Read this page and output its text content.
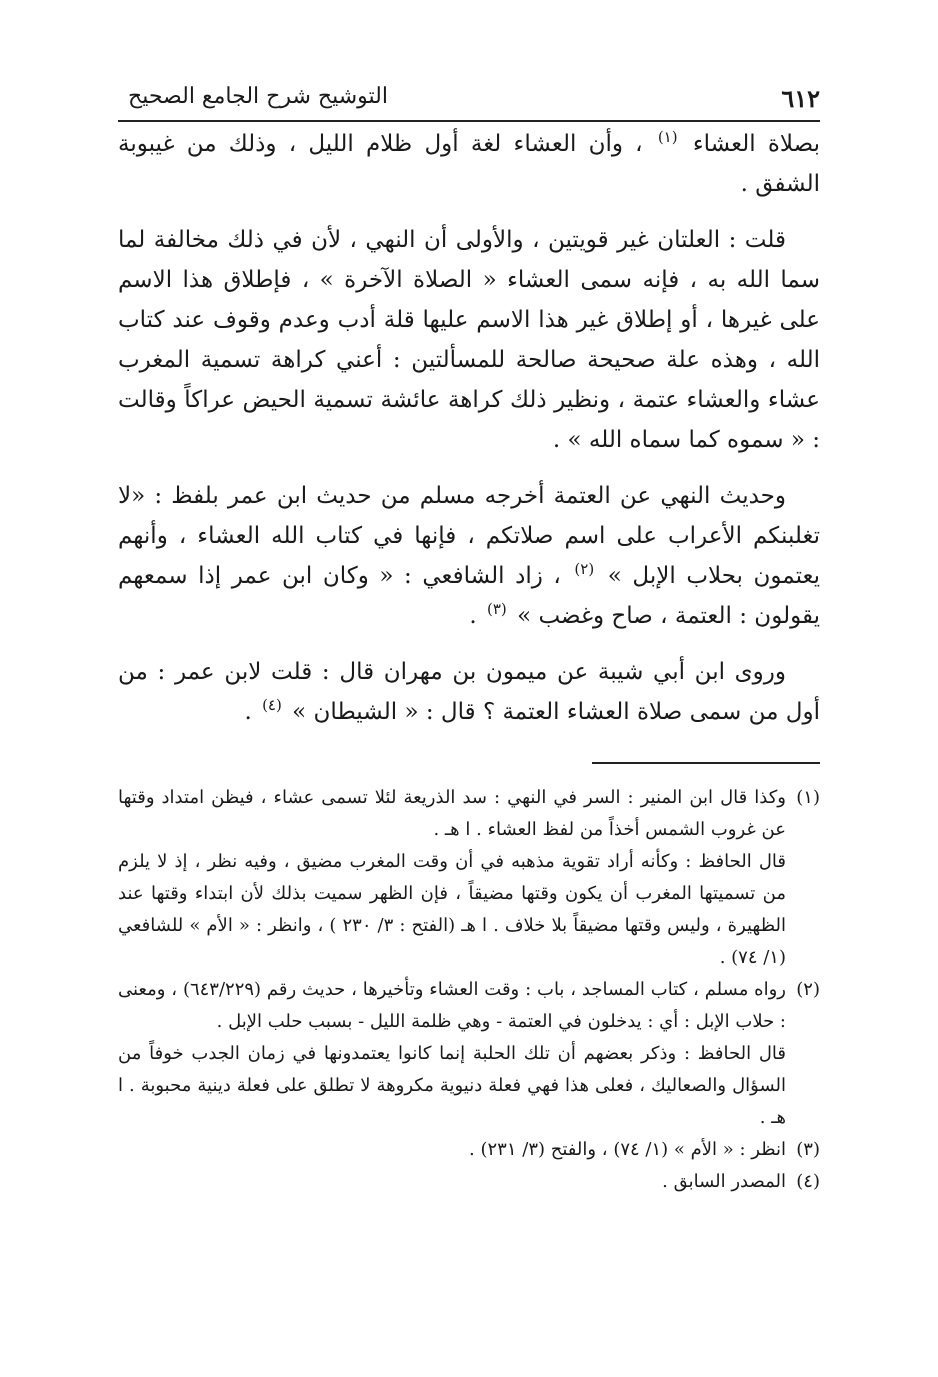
٦١٢
التوشيح شرح الجامع الصحيح

بصلاة العشاء $^{(١)}$ ، وأن العشاء لغة أول ظلام الليل ، وذلك من غيبوبة الشفق .

قلت : العلتان غير قويتين ، والأولى أن النهي ، لأن في ذلك مخالفة لما سما الله به ، فإنه سمى العشاء « الصلاة الآخرة » ، فإطلاق هذا الاسم على غيرها ، أو إطلاق غير هذا الاسم عليها قلة أدب وعدم وقوف عند كتاب الله ، وهذه علة صحيحة صالحة للمسألتين : أعني كراهة تسمية المغرب عشاء والعشاء عتمة ، ونظير ذلك كراهة عائشة تسمية الحيض عراكاً وقالت : « سموه كما سماه الله » .

وحديث النهي عن العتمة أخرجه مسلم من حديث ابن عمر بلفظ : «لا تغلبنكم الأعراب على اسم صلاتكم ، فإنها في كتاب الله العشاء ، وأنهم يعتمون بحلاب الإبل » $^{(٢)}$ ، زاد الشافعي : « وكان ابن عمر إذا سمعهم يقولون : العتمة ، صاح وغضب » $^{(٣)}$ .

وروى ابن أبي شيبة عن ميمون بن مهران قال : قلت لابن عمر : من أول من سمى صلاة العشاء العتمة ؟ قال : « الشيطان » $^{(٤)}$ .

(١)
وكذا قال ابن المنير : السر في النهي : سد الذريعة لئلا تسمى عشاء ، فيظن امتداد وقتها عن غروب الشمس أخذاً من لفظ العشاء . ا هـ .

قال الحافظ : وكأنه أراد تقوية مذهبه في أن وقت المغرب مضيق ، وفيه نظر ، إذ لا يلزم من تسميتها المغرب أن يكون وقتها مضيقاً ، فإن الظهر سميت بذلك لأن ابتداء وقتها عند الظهيرة ، وليس وقتها مضيقاً بلا خلاف . ا هـ (الفتح : ٣/ ٢٣٠ ) ، وانظر : « الأم » للشافعي (١/ ٧٤) .

(٢)
رواه مسلم ، كتاب المساجد ، باب : وقت العشاء وتأخيرها ، حديث رقم (٦٤٣/٢٢٩) ، ومعنى : حلاب الإبل : أي : يدخلون في العتمة - وهي ظلمة الليل - بسبب حلب الإبل .

قال الحافظ : وذكر بعضهم أن تلك الحلبة إنما كانوا يعتمدونها في زمان الجدب خوفاً من السؤال والصعاليك ، فعلى هذا فهي فعلة دنيوية مكروهة لا تطلق على فعلة دينية محبوبة . ا هـ .

(٣)
انظر : « الأم » (١/ ٧٤) ، والفتح (٣/ ٢٣١) .

(٤)
المصدر السابق .
